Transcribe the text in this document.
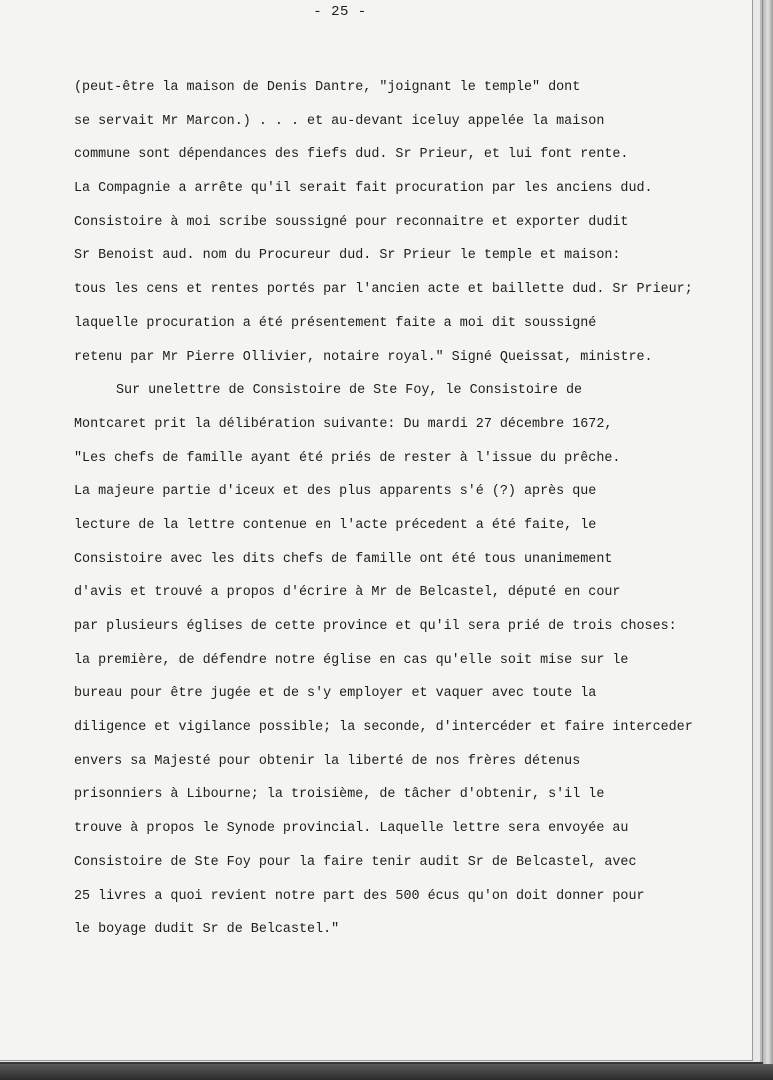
- 25 -
(peut-être la maison de Denis Dantre, "joignant le temple" dont
se servait Mr Marcon.) . . . et au-devant iceluy appelée la maison
commune sont dépendances des fiefs dud. Sr Prieur, et lui font rente.
La Compagnie a arrête qu'il serait fait procuration par les anciens dud.
Consistoire à moi scribe soussigné pour reconnaitre et exporter dudit
Sr Benoist aud. nom du Procureur dud. Sr Prieur le temple et maison:
tous les cens et rentes portés par l'ancien acte et baillette dud. Sr Prieur;
laquelle procuration a été présentement faite a moi dit soussigné
retenu par Mr Pierre Ollivier, notaire royal." Signé Queissat, ministre.
Sur unelettre de Consistoire de Ste Foy, le Consistoire de
Montcaret prit la délibération suivante: Du mardi 27 décembre 1672,
"Les chefs de famille ayant été priés de rester à l'issue du prêche.
La majeure partie d'iceux et des plus apparents s'é (?) après que
lecture de la lettre contenue en l'acte précedent a été faite, le
Consistoire avec les dits chefs de famille ont été tous unanimement
d'avis et trouvé a propos d'écrire à Mr de Belcastel, député en cour
par plusieurs églises de cette province et qu'il sera prié de trois choses:
la première, de défendre notre église en cas qu'elle soit mise sur le
bureau pour être jugée et de s'y employer et vaquer avec toute la
diligence et vigilance possible; la seconde, d'intercéder et faire interceder
envers sa Majesté pour obtenir la liberté de nos frères détenus
prisonniers à Libourne; la troisième, de tâcher d'obtenir, s'il le
trouve à propos le Synode provincial. Laquelle lettre sera envoyée au
Consistoire de Ste Foy pour la faire tenir audit Sr de Belcastel, avec
25 livres a quoi revient notre part des 500 écus qu'on doit donner pour
le boyage dudit Sr de Belcastel."
